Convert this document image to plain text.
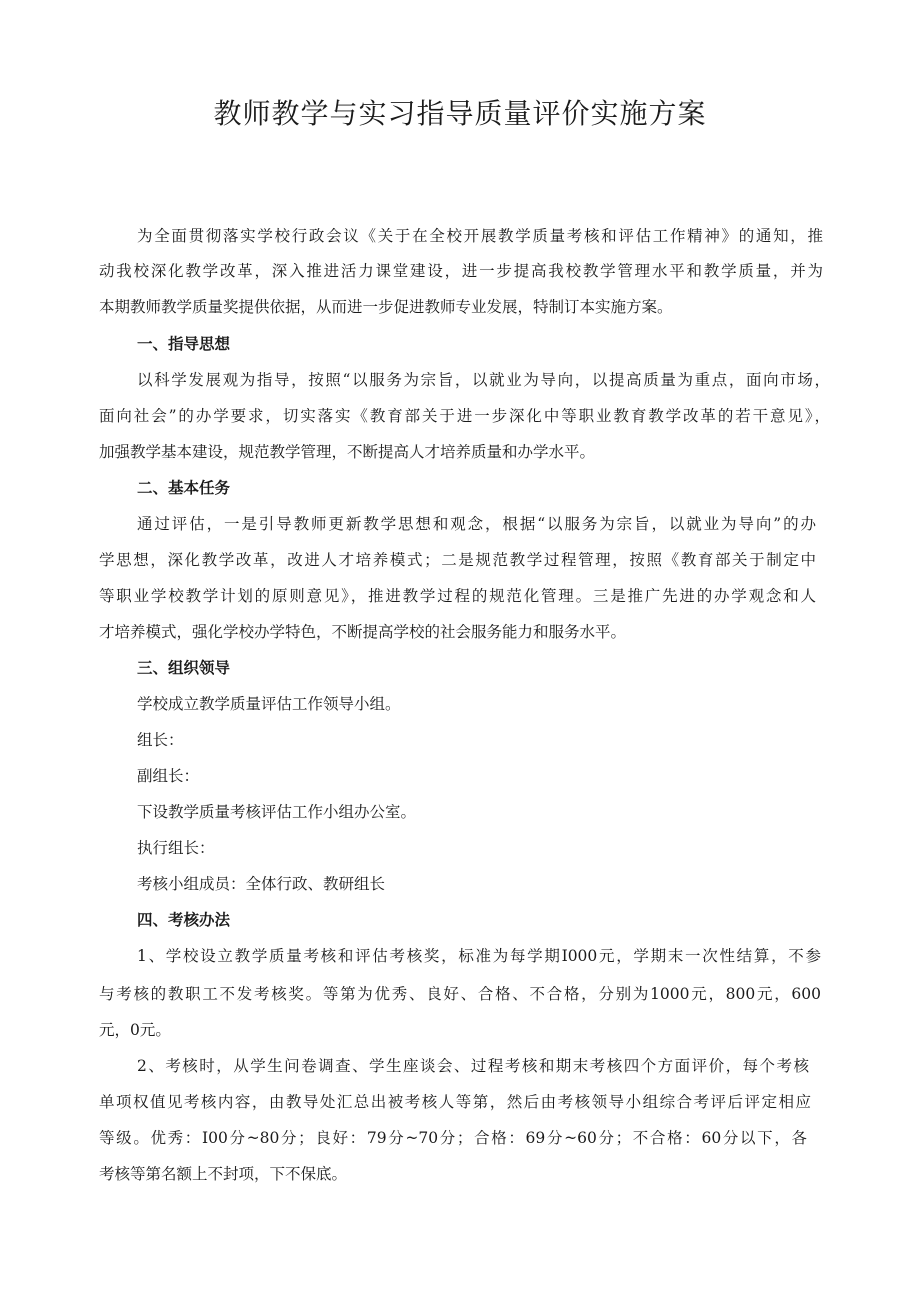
教师教学与实习指导质量评价实施方案
为全面贯彻落实学校行政会议《关于在全校开展教学质量考核和评估工作精神》的通知，推
动我校深化教学改革，深入推进活力课堂建设，进一步提高我校教学管理水平和教学质量，并为
本期教师教学质量奖提供依据，从而进一步促进教师专业发展，特制订本实施方案。
一、指导思想
以科学发展观为指导，按照“以服务为宗旨，以就业为导向，以提高质量为重点，面向市场，
面向社会”的办学要求，切实落实《教育部关于进一步深化中等职业教育教学改革的若干意见》，
加强教学基本建设，规范教学管理，不断提高人才培养质量和办学水平。
二、基本任务
通过评估，一是引导教师更新教学思想和观念，根据“以服务为宗旨，以就业为导向”的办
学思想，深化教学改革，改进人才培养模式；二是规范教学过程管理，按照《教育部关于制定中
等职业学校教学计划的原则意见》，推进教学过程的规范化管理。三是推广先进的办学观念和人
才培养模式，强化学校办学特色，不断提高学校的社会服务能力和服务水平。
三、组织领导
学校成立教学质量评估工作领导小组。
组长：
副组长：
下设教学质量考核评估工作小组办公室。
执行组长：
考核小组成员：全体行政、教研组长
四、考核办法
1、学校设立教学质量考核和评估考核奖，标准为每学期I000元，学期末一次性结算，不参
与考核的教职工不发考核奖。等第为优秀、良好、合格、不合格，分别为1000元，800元，600
元，0元。
2、考核时，从学生问卷调查、学生座谈会、过程考核和期末考核四个方面评价，每个考核
单项权值见考核内容，由教导处汇总出被考核人等第，然后由考核领导小组综合考评后评定相应
等级。优秀：I00分~80分；良好：79分~70分；合格：69分~60分；不合格：60分以下，各
考核等第名额上不封项，下不保底。
